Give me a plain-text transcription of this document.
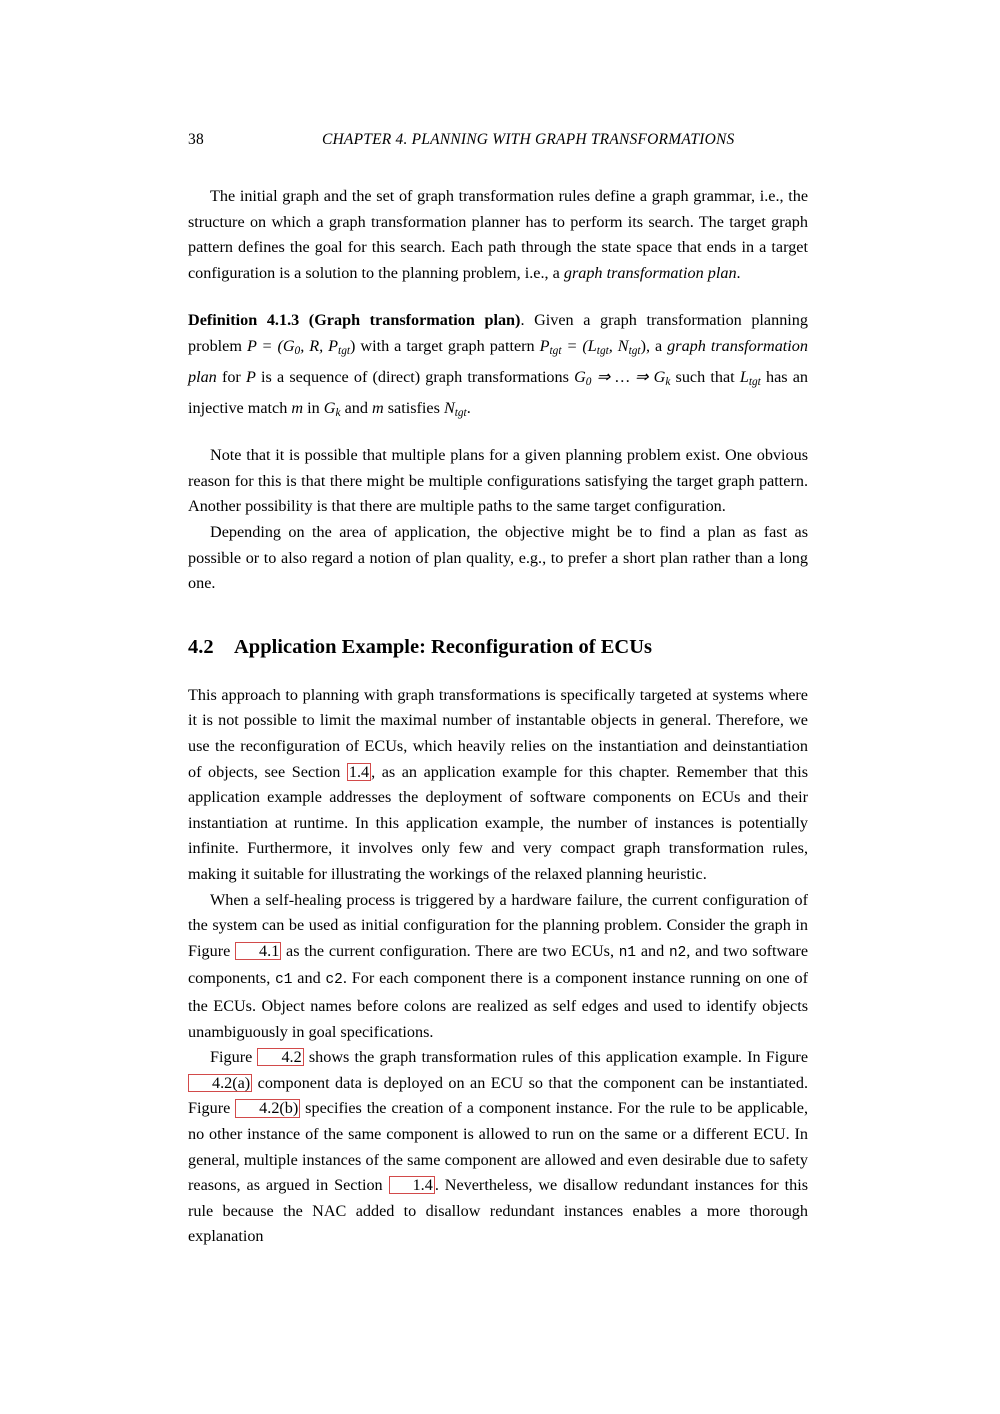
38	CHAPTER 4. PLANNING WITH GRAPH TRANSFORMATIONS

The initial graph and the set of graph transformation rules define a graph grammar, i.e., the structure on which a graph transformation planner has to perform its search. The target graph pattern defines the goal for this search. Each path through the state space that ends in a target configuration is a solution to the planning problem, i.e., a graph transformation plan.

Definition 4.1.3 (Graph transformation plan). Given a graph transformation planning problem $P = (G_0$, R, $P_{tgt}$) with a target graph pattern $P_{tgt} = (L_{tgt}$, $N_{tgt}$), a graph transformation plan for P is a sequence of (direct) graph transformations $G_0$ ⇒ … ⇒ $G_k$ such that $L_{tgt}$ has an injective match m in $G_k$ and m satisfies $N_{tgt}$.

Note that it is possible that multiple plans for a given planning problem exist. One obvious reason for this is that there might be multiple configurations satisfying the target graph pattern. Another possibility is that there are multiple paths to the same target configuration.

Depending on the area of application, the objective might be to find a plan as fast as possible or to also regard a notion of plan quality, e.g., to prefer a short plan rather than a long one.

4.2 Application Example: Reconfiguration of ECUs

This approach to planning with graph transformations is specifically targeted at systems where it is not possible to limit the maximal number of instantable objects in general. Therefore, we use the reconfiguration of ECUs, which heavily relies on the instantiation and deinstantiation of objects, see Section 1.4 , as an application example for this chapter. Remember that this application example addresses the deployment of software components on ECUs and their instantiation at runtime. In this application example, the number of instances is potentially infinite. Furthermore, it involves only few and very compact graph transformation rules, making it suitable for illustrating the workings of the relaxed planning heuristic.

When a self-healing process is triggered by a hardware failure, the current configuration of the system can be used as initial configuration for the planning problem. Consider the graph in Figure 4.1 as the current configuration. There are two ECUs, n1 and n2, and two software components, c1 and c2. For each component there is a component instance running on one of the ECUs. Object names before colons are realized as self edges and used to identify objects unambiguously in goal specifications.

Figure 4.2 shows the graph transformation rules of this application example. In Figure 4.2(a) component data is deployed on an ECU so that the component can be instantiated. Figure 4.2(b) specifies the creation of a component instance. For the rule to be applicable, no other instance of the same component is allowed to run on the same or a different ECU. In general, multiple instances of the same component are allowed and even desirable due to safety reasons, as argued in Section 1.4 . Nevertheless, we disallow redundant instances for this rule because the NAC added to disallow redundant instances enables a more thorough explanation
